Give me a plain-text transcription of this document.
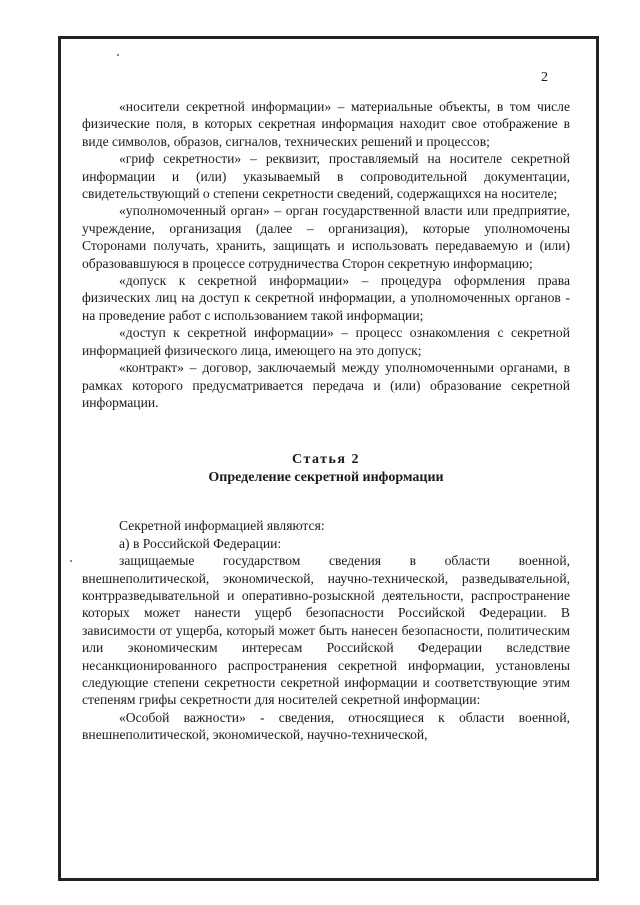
2

«носители секретной информации» – материальные объекты, в том числе физические поля, в которых секретная информация находит свое отображение в виде символов, образов, сигналов, технических решений и процессов;

«гриф секретности» – реквизит, проставляемый на носителе секретной информации и (или) указываемый в сопроводительной документации, свидетельствующий о степени секретности сведений, содержащихся на носителе;

«уполномоченный орган» – орган государственной власти или предприятие, учреждение, организация (далее – организация), которые уполномочены Сторонами получать, хранить, защищать и использовать передаваемую и (или) образовавшуюся в процессе сотрудничества Сторон секретную информацию;

«допуск к секретной информации» – процедура оформления права физических лиц на доступ к секретной информации, а уполномоченных органов - на проведение работ с использованием такой информации;

«доступ к секретной информации» – процесс ознакомления с секретной информацией физического лица, имеющего на это допуск;

«контракт» – договор, заключаемый между уполномоченными органами, в рамках которого предусматривается передача и (или) образование секретной информации.

Статья 2

Определение секретной информации

Секретной информацией являются:

а) в Российской Федерации:

защищаемые государством сведения в области военной, внешнеполитической, экономической, научно-технической, разведывательной, контрразведывательной и оперативно-розыскной деятельности, распространение которых может нанести ущерб безопасности Российской Федерации. В зависимости от ущерба, который может быть нанесен безопасности, политическим или экономическим интересам Российской Федерации вследствие несанкционированного распространения секретной информации, установлены следующие степени секретности секретной информации и соответствующие этим степеням грифы секретности для носителей секретной информации:

«Особой важности» - сведения, относящиеся к области военной, внешнеполитической, экономической, научно-технической,
